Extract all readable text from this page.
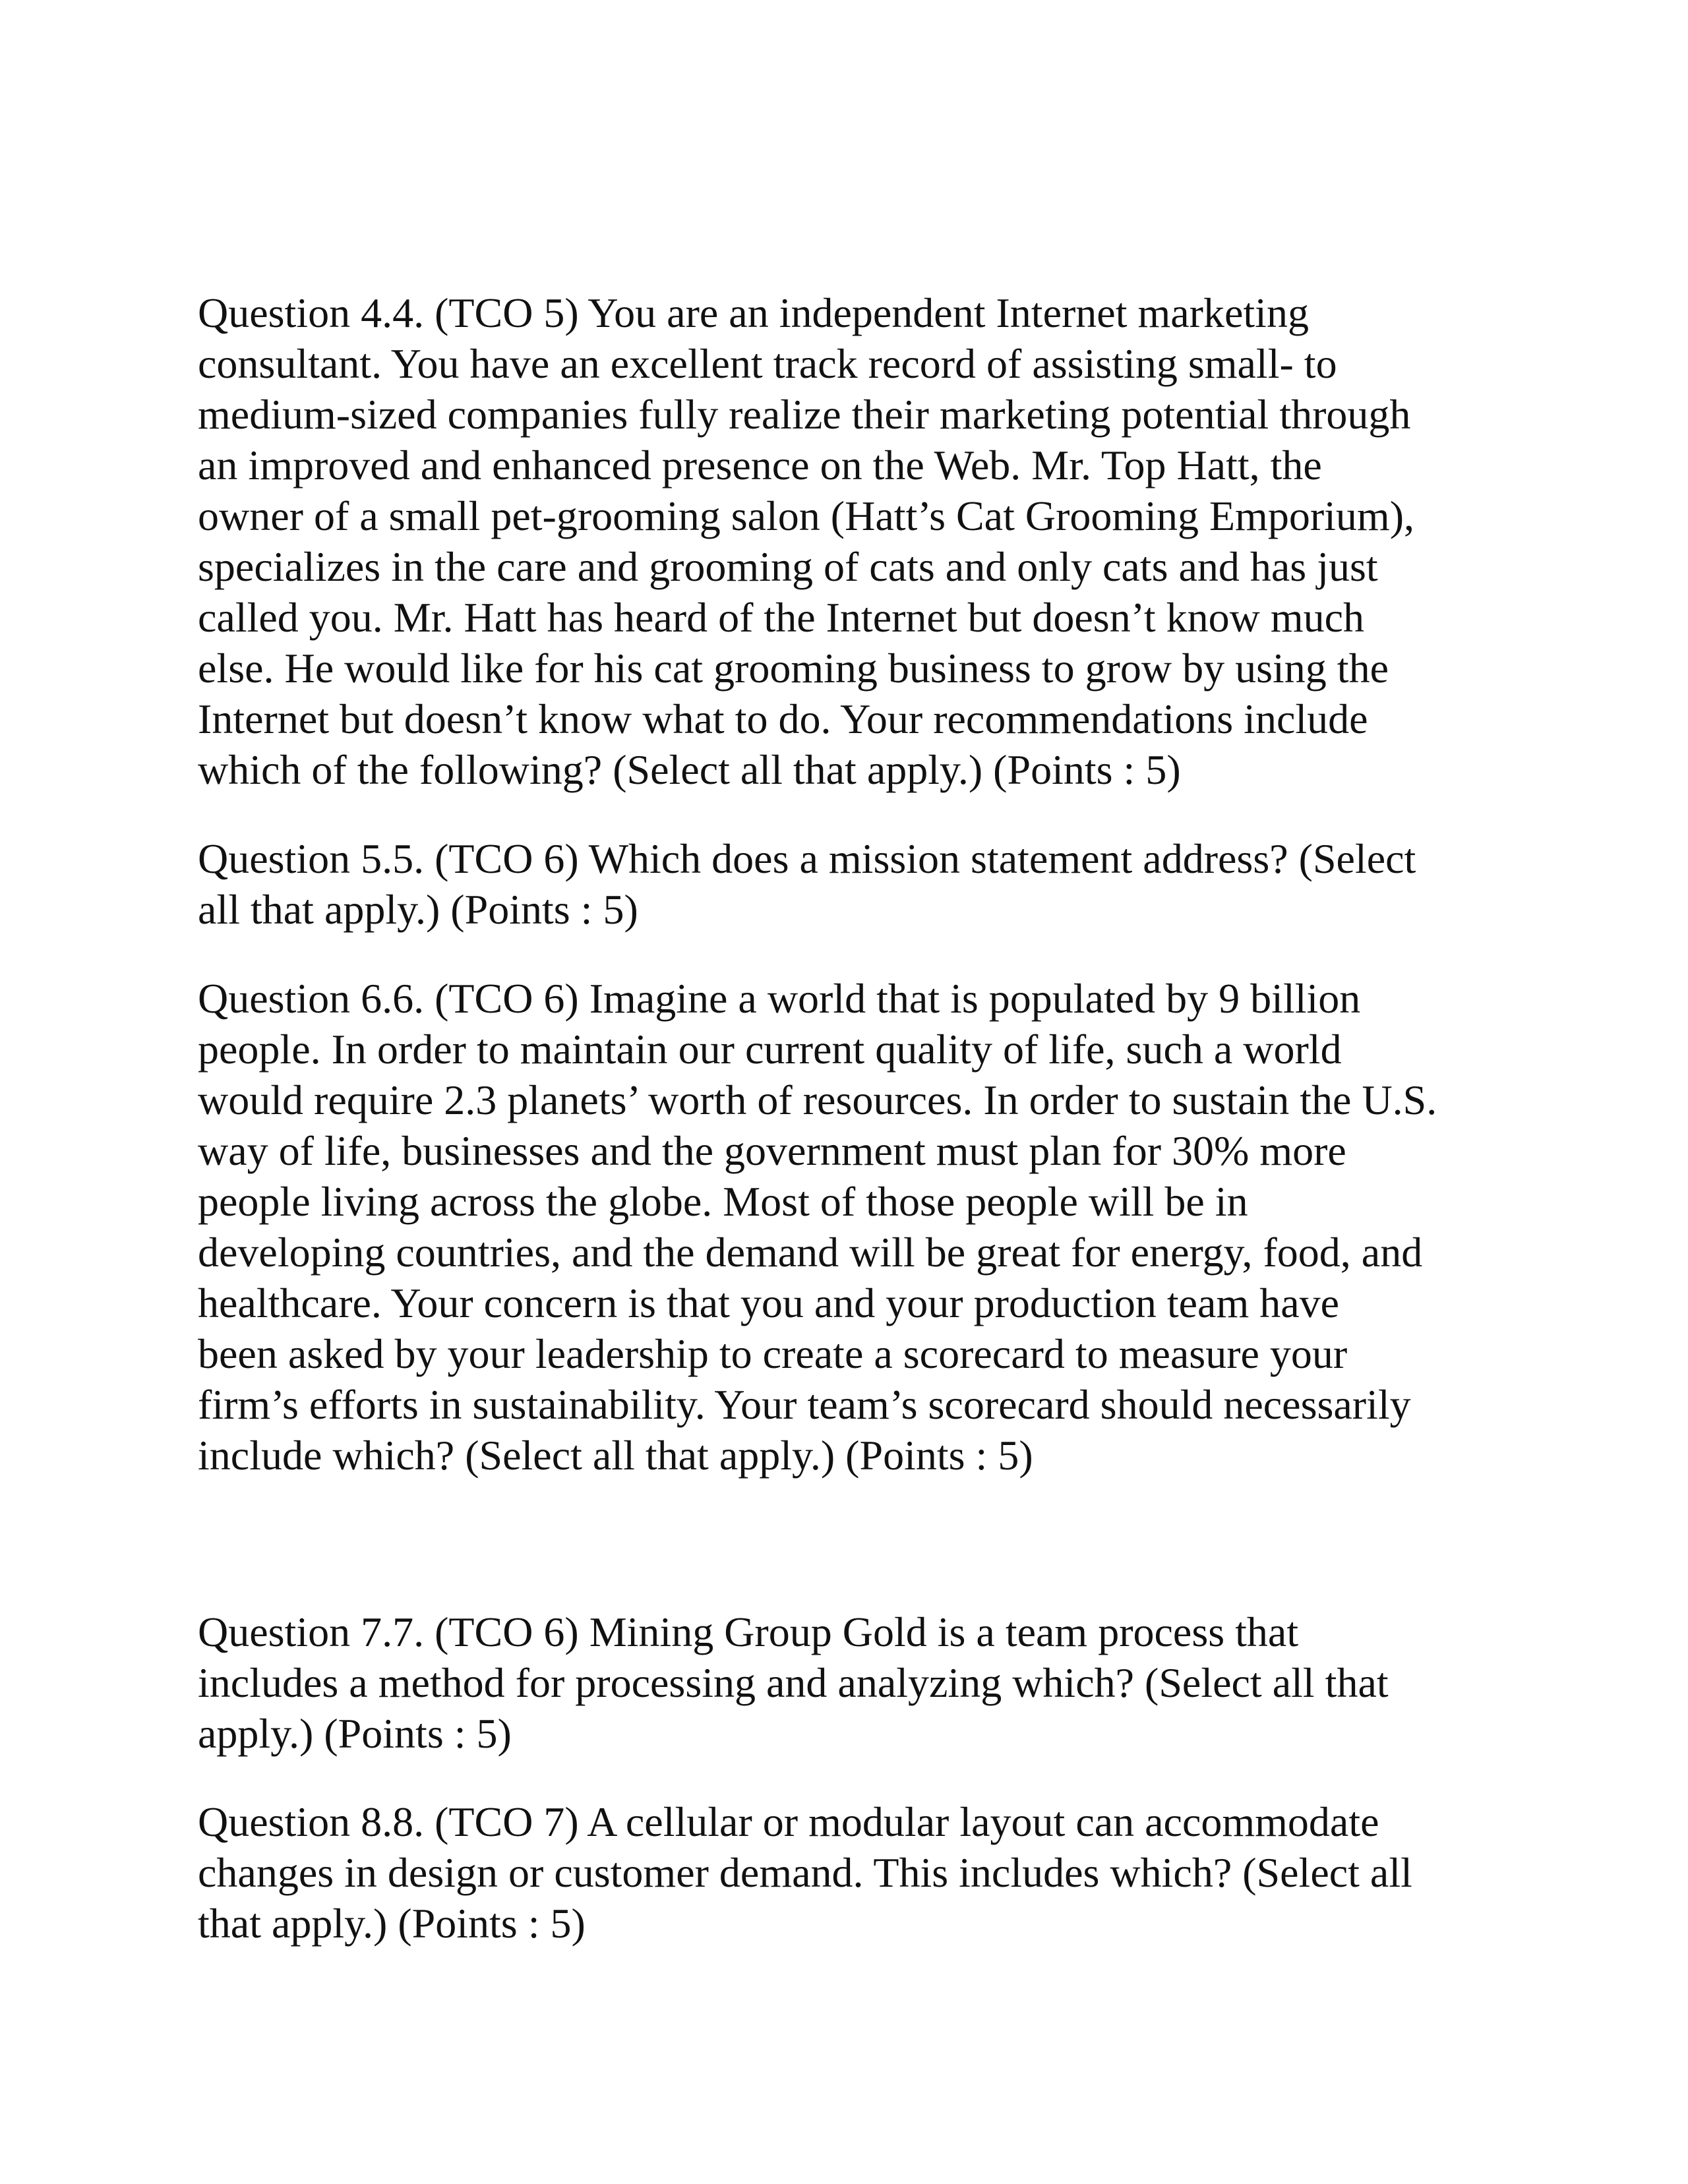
Question 4.4. (TCO 5) You are an independent Internet marketing
consultant. You have an excellent track record of assisting small- to
medium-sized companies fully realize their marketing potential through
an improved and enhanced presence on the Web. Mr. Top Hatt, the
owner of a small pet-grooming salon (Hatt’s Cat Grooming Emporium),
specializes in the care and grooming of cats and only cats and has just
called you. Mr. Hatt has heard of the Internet but doesn’t know much
else. He would like for his cat grooming business to grow by using the
Internet but doesn’t know what to do. Your recommendations include
which of the following? (Select all that apply.) (Points : 5)

Question 5.5. (TCO 6) Which does a mission statement address? (Select
all that apply.) (Points : 5)

Question 6.6. (TCO 6) Imagine a world that is populated by 9 billion
people. In order to maintain our current quality of life, such a world
would require 2.3 planets’ worth of resources. In order to sustain the U.S.
way of life, businesses and the government must plan for 30% more
people living across the globe. Most of those people will be in
developing countries, and the demand will be great for energy, food, and
healthcare. Your concern is that you and your production team have
been asked by your leadership to create a scorecard to measure your
firm’s efforts in sustainability. Your team’s scorecard should necessarily
include which? (Select all that apply.) (Points : 5)

Question 7.7. (TCO 6) Mining Group Gold is a team process that
includes a method for processing and analyzing which? (Select all that
apply.) (Points : 5)

Question 8.8. (TCO 7) A cellular or modular layout can accommodate
changes in design or customer demand. This includes which? (Select all
that apply.) (Points : 5)
